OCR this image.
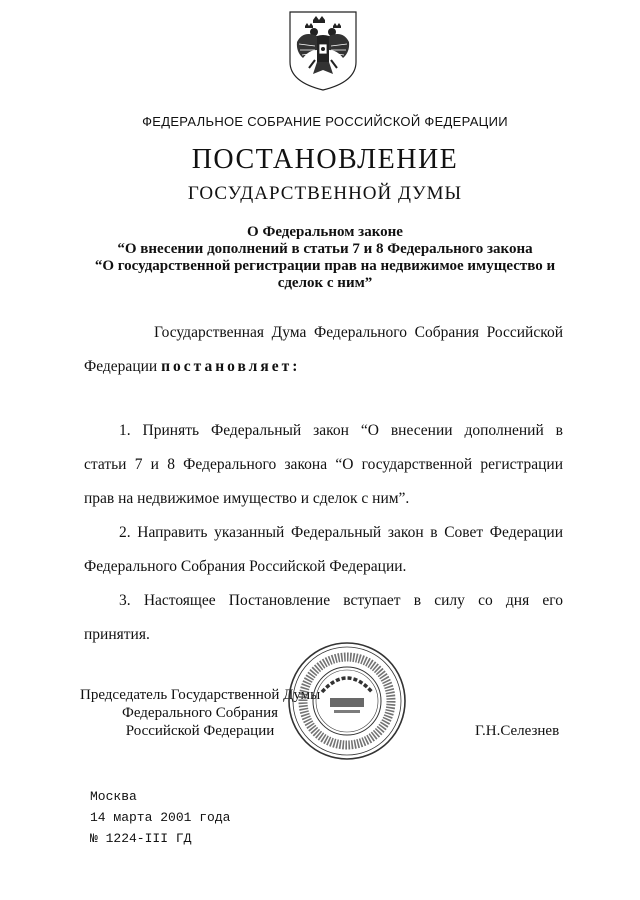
ФЕДЕРАЛЬНОЕ СОБРАНИЕ РОССИЙСКОЙ ФЕДЕРАЦИИ
ПОСТАНОВЛЕНИЕ
ГОСУДАРСТВЕННОЙ ДУМЫ
О Федеральном законе
“О внесении дополнений в статьи 7 и 8 Федерального закона
“О государственной регистрации прав на недвижимое имущество и
сделок с ним”
Государственная Дума Федерального Собрания Российской
Федерации постановляет:
1. Принять Федеральный закон “О внесении дополнений в
статьи 7 и 8 Федерального закона “О государственной регистрации
прав на недвижимое имущество и сделок с ним”.
2. Направить указанный Федеральный закон в Совет Федерации
Федерального Собрания Российской Федерации.
3. Настоящее Постановление вступает в силу со дня его
принятия.
Председатель Государственной Думы
Федерального Собрания
Российской Федерации	Г.Н.Селезнев
Москва
14 марта 2001 года
№ 1224-III ГД
